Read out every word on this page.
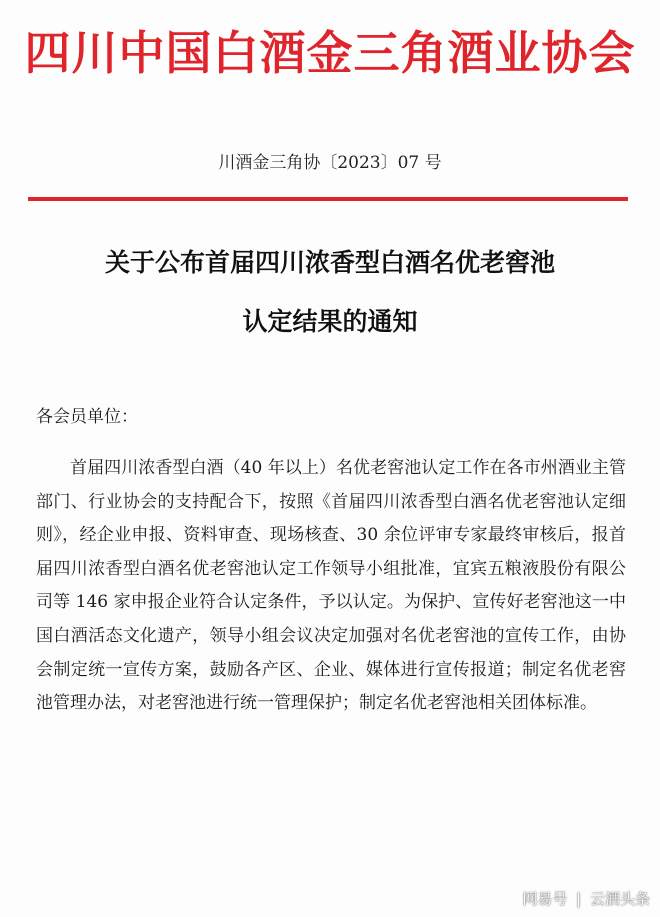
四川中国白酒金三角酒业协会
川酒金三角协〔2023〕07 号
关于公布首届四川浓香型白酒名优老窖池
认定结果的通知
各会员单位：

首届四川浓香型白酒（40 年以上）名优老窖池认定工作在各市州酒业主管部门、行业协会的支持配合下，按照《首届四川浓香型白酒名优老窖池认定细则》，经企业申报、资料审查、现场核查、30 余位评审专家最终审核后，报首届四川浓香型白酒名优老窖池认定工作领导小组批准，宜宾五粮液股份有限公司等 146 家申报企业符合认定条件，予以认定。为保护、宣传好老窖池这一中国白酒活态文化遗产，领导小组会议决定加强对名优老窖池的宣传工作，由协会制定统一宣传方案，鼓励各产区、企业、媒体进行宣传报道；制定名优老窖池管理办法，对老窖池进行统一管理保护；制定名优老窖池相关团体标准。

网易号 | 云酒头条
